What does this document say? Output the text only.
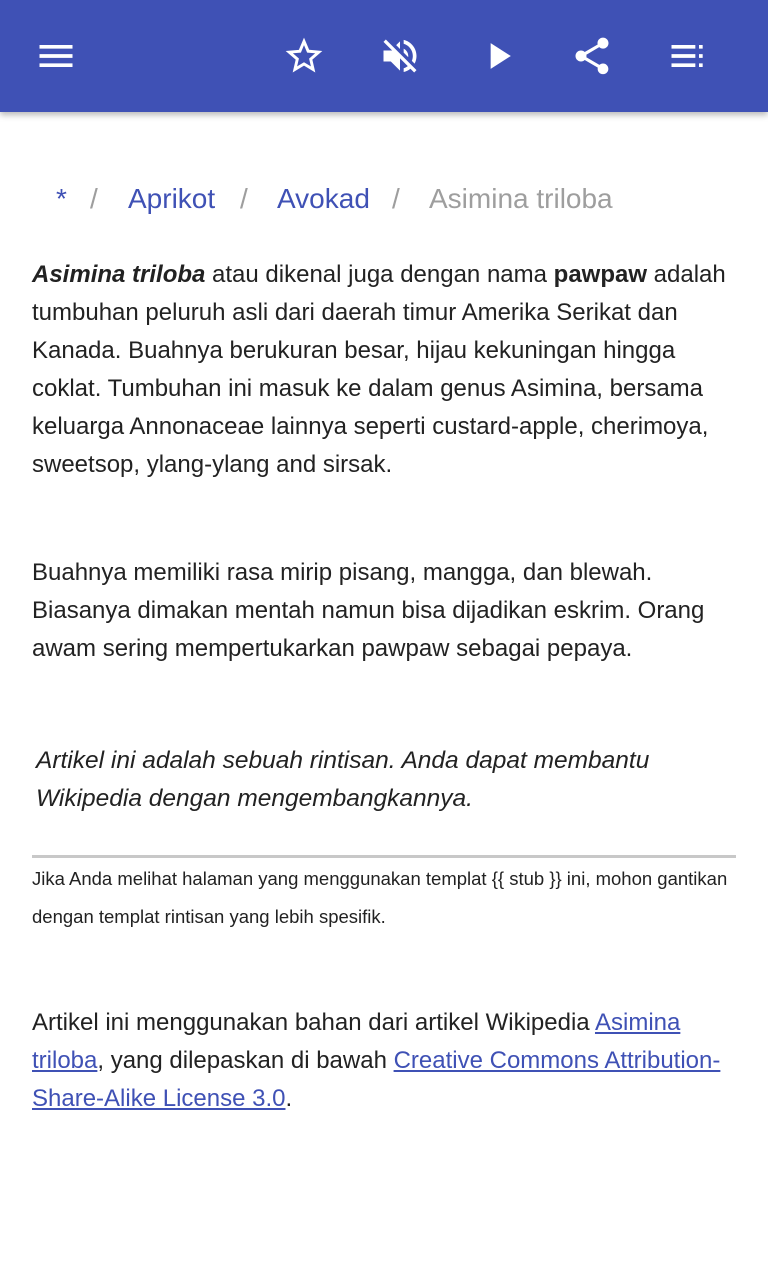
* / Aprikot / Avokad / Asimina triloba

Asimina triloba atau dikenal juga dengan nama pawpaw adalah tumbuhan peluruh asli dari daerah timur Amerika Serikat dan Kanada. Buahnya berukuran besar, hijau kekuningan hingga coklat. Tumbuhan ini masuk ke dalam genus Asimina, bersama keluarga Annonaceae lainnya seperti custard-apple, cherimoya, sweetsop, ylang-ylang and sirsak.

Buahnya memiliki rasa mirip pisang, mangga, dan blewah. Biasanya dimakan mentah namun bisa dijadikan eskrim. Orang awam sering mempertukarkan pawpaw sebagai pepaya.

Artikel ini adalah sebuah rintisan. Anda dapat membantu Wikipedia dengan mengembangkannya.

Jika Anda melihat halaman yang menggunakan templat {{ stub }} ini, mohon gantikan dengan templat rintisan yang lebih spesifik.

Artikel ini menggunakan bahan dari artikel Wikipedia Asimina triloba, yang dilepaskan di bawah Creative Commons Attribution-Share-Alike License 3.0.
